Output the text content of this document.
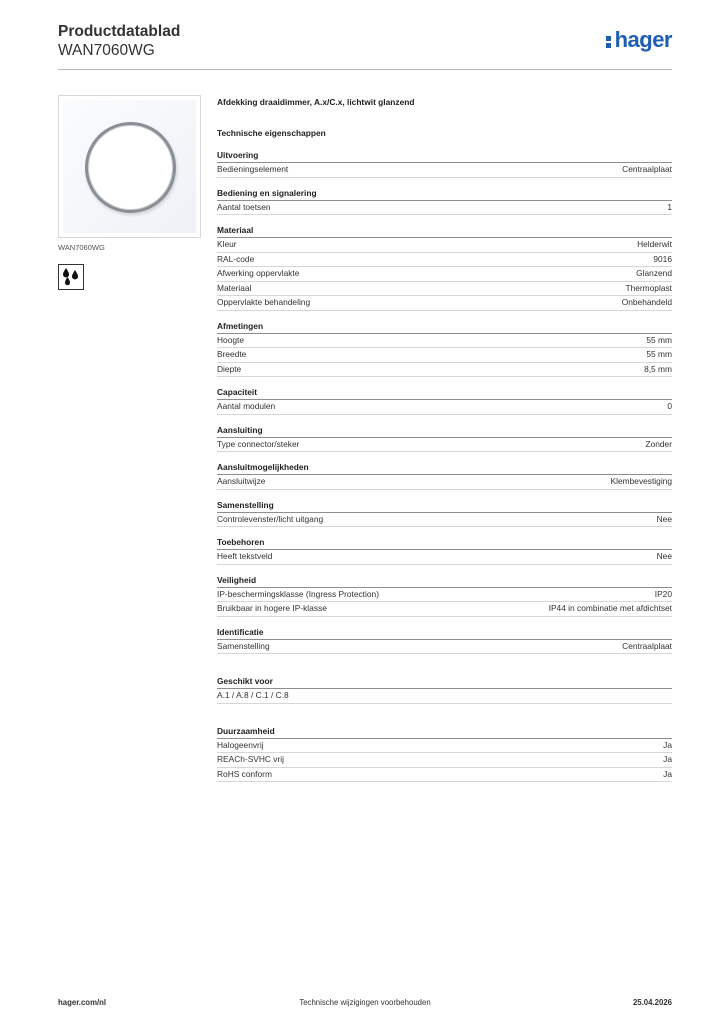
Productdatablad
WAN7060WG	hager
WAN7060WG
Afdekking draaidimmer, A.x/C.x, lichtwit glanzend
Technische eigenschappen
Uitvoering
Bedieningselement	Centraalplaat
Bediening en signalering
Aantal toetsen	1
Materiaal
Kleur	Helderwit
RAL-code	9016
Afwerking oppervlakte	Glanzend
Materiaal	Thermoplast
Oppervlakte behandeling	Onbehandeld
Afmetingen
Hoogte	55 mm
Breedte	55 mm
Diepte	8,5 mm
Capaciteit
Aantal modulen	0
Aansluiting
Type connector/steker	Zonder
Aansluitmogelijkheden
Aansluitwijze	Klembevestiging
Samenstelling
Controlevenster/licht uitgang	Nee
Toebehoren
Heeft tekstveld	Nee
Veiligheid
IP-beschermingsklasse (Ingress Protection)	IP20
Bruikbaar in hogere IP-klasse	IP44 in combinatie met afdichtset
Identificatie
Samenstelling	Centraalplaat
Geschikt voor
A.1 / A.8 / C.1 / C.8
Duurzaamheid
Halogeenvrij	Ja
REACh-SVHC vrij	Ja
RoHS conform	Ja
hager.com/nl	Technische wijzigingen voorbehouden	25.04.2026
